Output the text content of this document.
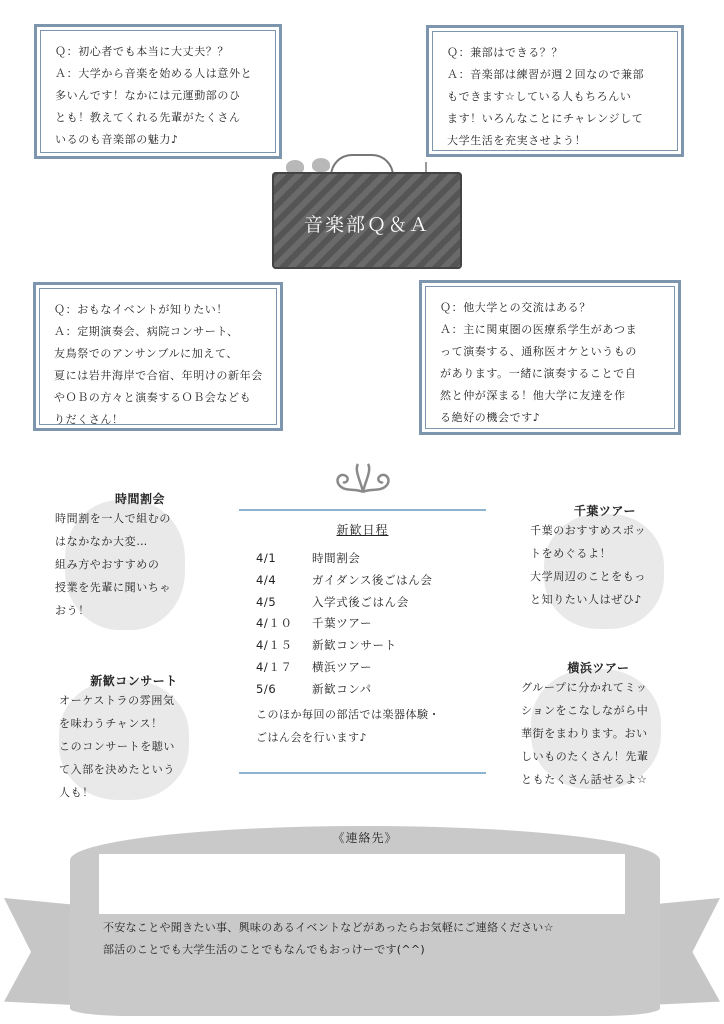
Ｑ：初心者でも本当に大丈夫？？
Ａ：大学から音楽を始める人は意外と
多いんです！なかには元運動部のひ
とも！教えてくれる先輩がたくさん
いるのも音楽部の魅力♪

Ｑ：兼部はできる？？
Ａ：音楽部は練習が週２回なので兼部
もできます☆している人もちろんい
ます！いろんなことにチャレンジして
大学生活を充実させよう！

Ｑ：おもなイベントが知りたい！
Ａ：定期演奏会、病院コンサート、
友鳥祭でのアンサンブルに加えて、
夏には岩井海岸で合宿、年明けの新年会
やＯＢの方々と演奏するＯＢ会なども
りだくさん！

Ｑ：他大学との交流はある？
Ａ：主に関東圏の医療系学生があつま
って演奏する、通称医オケというもの
があります。一緒に演奏することで自
然と仲が深まる！他大学に友達を作
る絶好の機会です♪

音楽部Ｑ＆Ａ
新歓日程
4/1	時間割会
4/4	ガイダンス後ごはん会
4/5	入学式後ごはん会
4/１０ 千葉ツアー
4/１５ 新歓コンサート
4/１７ 横浜ツアー
5/6	新歓コンパ
このほか毎回の部活では楽器体験・
ごはん会を行います♪
時間割会

時間割を一人で組むの
はなかなか大変…
組み方やおすすめの
授業を先輩に聞いちゃ
おう！

新歓コンサート

オーケストラの雰囲気
を味わうチャンス！
このコンサートを聴い
て入部を決めたという
人も！

千葉ツアー

千葉のおすすめスポッ
トをめぐるよ！
大学周辺のことをもっ
と知りたい人はぜひ♪

横浜ツアー

グループに分かれてミッ
ションをこなしながら中
華街をまわります。おい
しいものたくさん！先輩
ともたくさん話せるよ☆

《連絡先》
不安なことや聞きたい事、興味のあるイベントなどがあったらお気軽にご連絡ください☆
部活のことでも大学生活のことでもなんでもおっけーです(^^)
